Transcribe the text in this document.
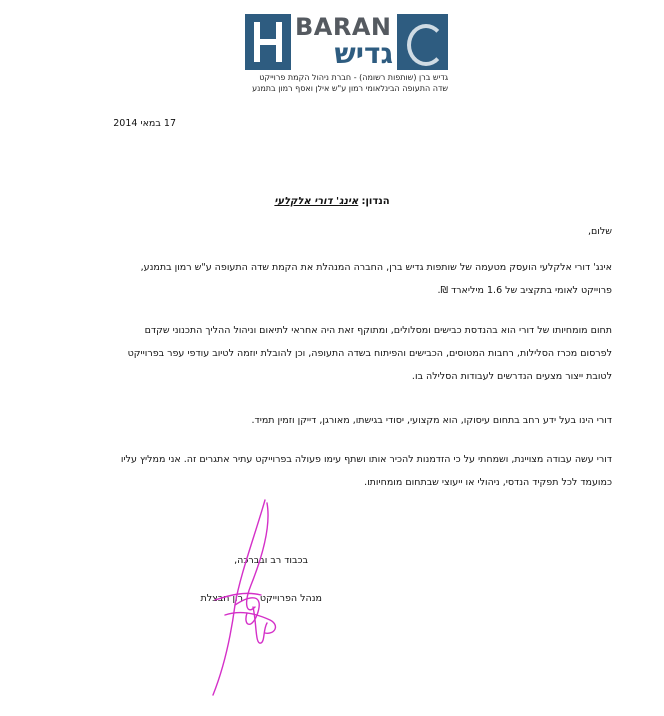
BARAN
גדיש
גדיש ברן (שותפות רשומה) - חברת ניהול הקמת פרוייקט
שדה התעופה הבינלאומי רמון ע"ש אילן ואסף רמון בתמנע
17 במאי 2014
הנדון: אינג' דורי אלקלעי
שלום,
אינג' דורי אלקלעי הועסק מטעמה של שותפות גדיש ברן, החברה המנהלת את הקמת שדה התעופה ע"ש רמון בתמנע, פרוייקט לאומי בתקציב של 1.6 מיליארד ₪.
תחום מומחיותו של דורי הוא בהנדסת כבישים ומסלולים, ומתוקף זאת היה אחראי לתיאום וניהול ההליך התכנוני שקדם לפרסום מכרז הסלילות, רחבות המטוסים, הכבישים והפיתוח בשדה התעופה, וכן להובלת יוזמה לטיוב עודפי עפר בפרוייקט לטובת ייצור מצעים הנדרשים לעבודות הסלילה בו.
דורי הינו בעל ידע רחב בתחום עיסוקו, הוא מקצועי, יסודי בגישתו, מאורגן, דייקן וזמין תמיד.
דורי עשה עבודה מצויינת, ושמחתי על כי הזדמנות להכיר אותו ושתף עימו פעולה בפרוייקט עתיר אתגרים זה. אני ממליץ עליו כמועמד לכל תפקיד הנדסי, ניהולי או ייעוצי שבתחום מומחיותו.
בכבוד רב ובברכה,
רון חבצלת מנהל הפרוייקט
